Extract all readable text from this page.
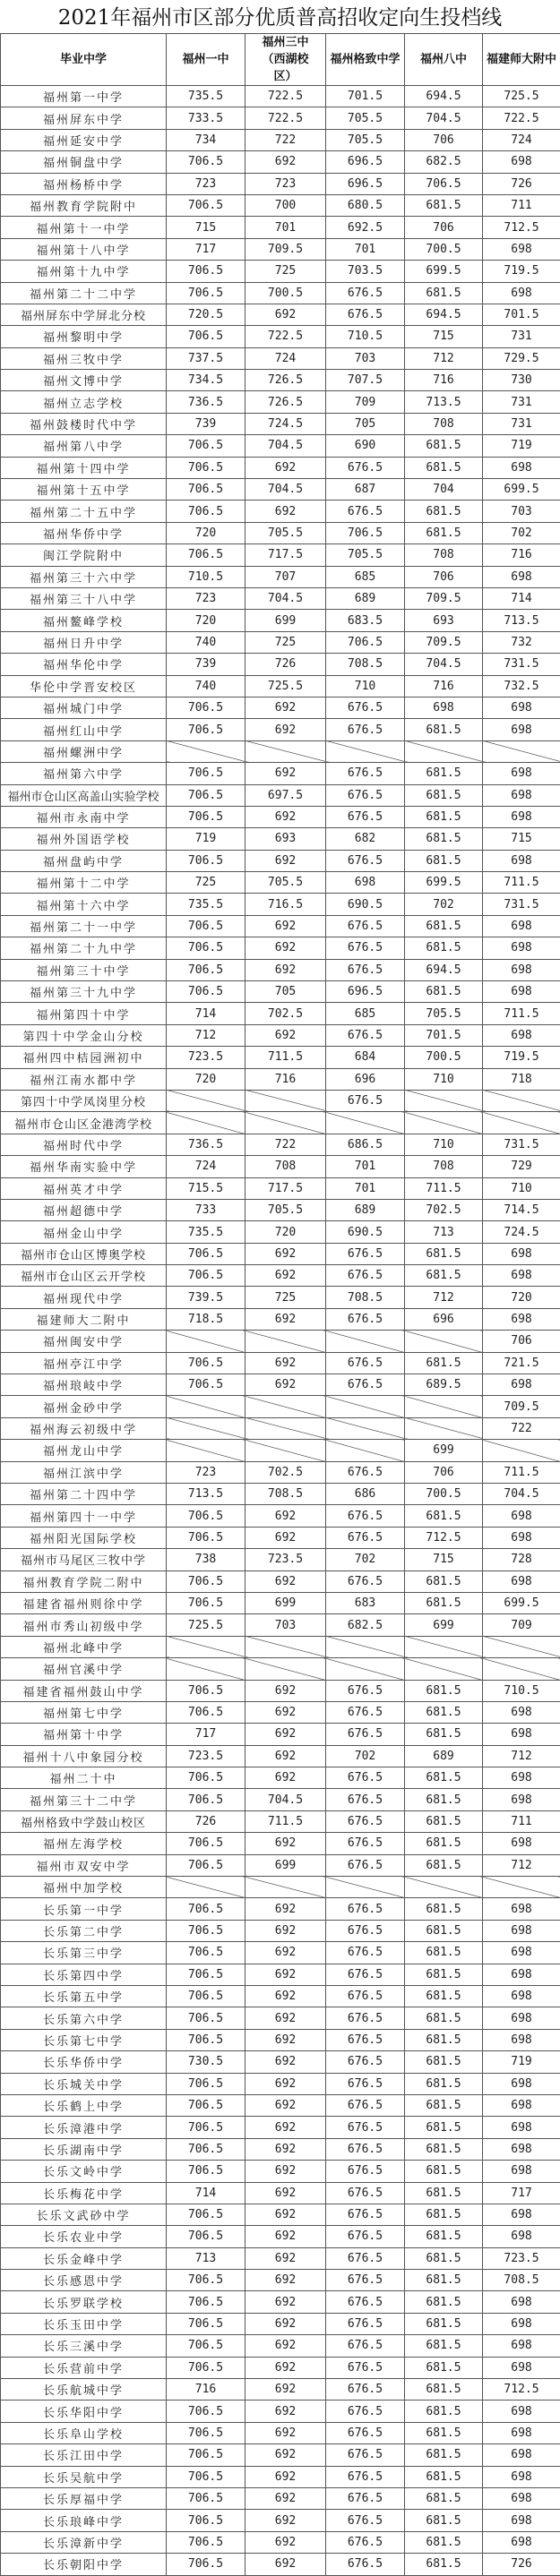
2021年福州市区部分优质普高招收定向生投档线
毕业中学	福州一中	福州三中（西湖校区）	福州格致中学	福州八中	福建师大附中

福州第一中学	735.5	722.5	701.5	694.5	725.5
福州屏东中学	733.5	722.5	705.5	704.5	722.5
福州延安中学	734	722	705.5	706	724
福州铜盘中学	706.5	692	696.5	682.5	698
福州杨桥中学	723	723	696.5	706.5	726
福州教育学院附中	706.5	700	680.5	681.5	711
福州第十一中学	715	701	692.5	706	712.5
福州第十八中学	717	709.5	701	700.5	698
福州第十九中学	706.5	725	703.5	699.5	719.5
福州第二十二中学	706.5	700.5	676.5	681.5	698
福州屏东中学屏北分校	720.5	692	676.5	694.5	701.5
福州黎明中学	706.5	722.5	710.5	715	731
福州三牧中学	737.5	724	703	712	729.5
福州文博中学	734.5	726.5	707.5	716	730
福州立志学校	736.5	726.5	709	713.5	731
福州鼓楼时代中学	739	724.5	705	708	731
福州第八中学	706.5	704.5	690	681.5	719
福州第十四中学	706.5	692	676.5	681.5	698
福州第十五中学	706.5	704.5	687	704	699.5
福州第二十五中学	706.5	692	676.5	681.5	703
福州华侨中学	720	705.5	706.5	681.5	702
闽江学院附中	706.5	717.5	705.5	708	716
福州第三十六中学	710.5	707	685	706	698
福州第三十八中学	723	704.5	689	709.5	714
福州鳌峰学校	720	699	683.5	693	713.5
福州日升中学	740	725	706.5	709.5	732
福州华伦中学	739	726	708.5	704.5	731.5
华伦中学晋安校区	740	725.5	710	716	732.5
福州城门中学	706.5	692	676.5	698	698
福州红山中学	706.5	692	676.5	681.5	698
福州螺洲中学					
福州第六中学	706.5	692	676.5	681.5	698
福州市仓山区高盖山实验学校	706.5	697.5	676.5	681.5	698
福州市永南中学	706.5	692	676.5	681.5	698
福州外国语学校	719	693	682	681.5	715
福州盘屿中学	706.5	692	676.5	681.5	698
福州第十二中学	725	705.5	698	699.5	711.5
福州第十六中学	735.5	716.5	690.5	702	731.5
福州第二十一中学	706.5	692	676.5	681.5	698
福州第二十九中学	706.5	692	676.5	681.5	698
福州第三十中学	706.5	692	676.5	694.5	698
福州第三十九中学	706.5	705	696.5	681.5	698
福州第四十中学	714	702.5	685	705.5	711.5
第四十中学金山分校	712	692	676.5	701.5	698
福州四中桔园洲初中	723.5	711.5	684	700.5	719.5
福州江南水都中学	720	716	696	710	718
第四十中学凤岗里分校			676.5		
福州市仓山区金港湾学校					
福州时代中学	736.5	722	686.5	710	731.5
福州华南实验中学	724	708	701	708	729
福州英才中学	715.5	717.5	701	711.5	710
福州超德中学	733	705.5	689	702.5	714.5
福州金山中学	735.5	720	690.5	713	724.5
福州市仓山区博奥学校	706.5	692	676.5	681.5	698
福州市仓山区云开学校	706.5	692	676.5	681.5	698
福州现代中学	739.5	725	708.5	712	720
福建师大二附中	718.5	692	676.5	696	698
福州闽安中学					706
福州亭江中学	706.5	692	676.5	681.5	721.5
福州琅岐中学	706.5	692	676.5	689.5	698
福州金砂中学					709.5
福州海云初级中学					722
福州龙山中学				699	
福州江滨中学	723	702.5	676.5	706	711.5
福州第二十四中学	713.5	708.5	686	700.5	704.5
福州第四十一中学	706.5	692	676.5	681.5	698
福州阳光国际学校	706.5	692	676.5	712.5	698
福州市马尾区三牧中学	738	723.5	702	715	728
福州教育学院二附中	706.5	692	676.5	681.5	698
福建省福州则徐中学	706.5	699	683	681.5	699.5
福州市秀山初级中学	725.5	703	682.5	699	709
福州北峰中学					
福州官溪中学					
福建省福州鼓山中学	706.5	692	676.5	681.5	710.5
福州第七中学	706.5	692	676.5	681.5	698
福州第十中学	717	692	676.5	681.5	698
福州十八中象园分校	723.5	692	702	689	712
福州二十中	706.5	692	676.5	681.5	698
福州第三十二中学	706.5	704.5	676.5	681.5	698
福州格致中学鼓山校区	726	711.5	676.5	681.5	711
福州左海学校	706.5	692	676.5	681.5	698
福州市双安中学	706.5	699	676.5	681.5	712
福州中加学校					
长乐第一中学	706.5	692	676.5	681.5	698
长乐第二中学	706.5	692	676.5	681.5	698
长乐第三中学	706.5	692	676.5	681.5	698
长乐第四中学	706.5	692	676.5	681.5	698
长乐第五中学	706.5	692	676.5	681.5	698
长乐第六中学	706.5	692	676.5	681.5	698
长乐第七中学	706.5	692	676.5	681.5	698
长乐华侨中学	730.5	692	676.5	681.5	719
长乐城关中学	706.5	692	676.5	681.5	698
长乐鹤上中学	706.5	692	676.5	681.5	698
长乐漳港中学	706.5	692	676.5	681.5	698
长乐湖南中学	706.5	692	676.5	681.5	698
长乐文岭中学	706.5	692	676.5	681.5	698
长乐梅花中学	714	692	676.5	681.5	717
长乐文武砂中学	706.5	692	676.5	681.5	698
长乐农业中学	706.5	692	676.5	681.5	698
长乐金峰中学	713	692	676.5	681.5	723.5
长乐感恩中学	706.5	692	676.5	681.5	708.5
长乐罗联学校	706.5	692	676.5	681.5	698
长乐玉田中学	706.5	692	676.5	681.5	698
长乐三溪中学	706.5	692	676.5	681.5	698
长乐营前中学	706.5	692	676.5	681.5	698
长乐航城中学	716	692	676.5	681.5	712.5
长乐华阳中学	706.5	692	676.5	681.5	698
长乐阜山学校	706.5	692	676.5	681.5	698
长乐江田中学	706.5	692	676.5	681.5	698
长乐吴航中学	706.5	692	676.5	681.5	698
长乐厚福中学	706.5	692	676.5	681.5	698
长乐琅峰中学	706.5	692	676.5	681.5	698
长乐漳新中学	706.5	692	676.5	681.5	698
长乐朝阳中学	706.5	692	676.5	681.5	726
